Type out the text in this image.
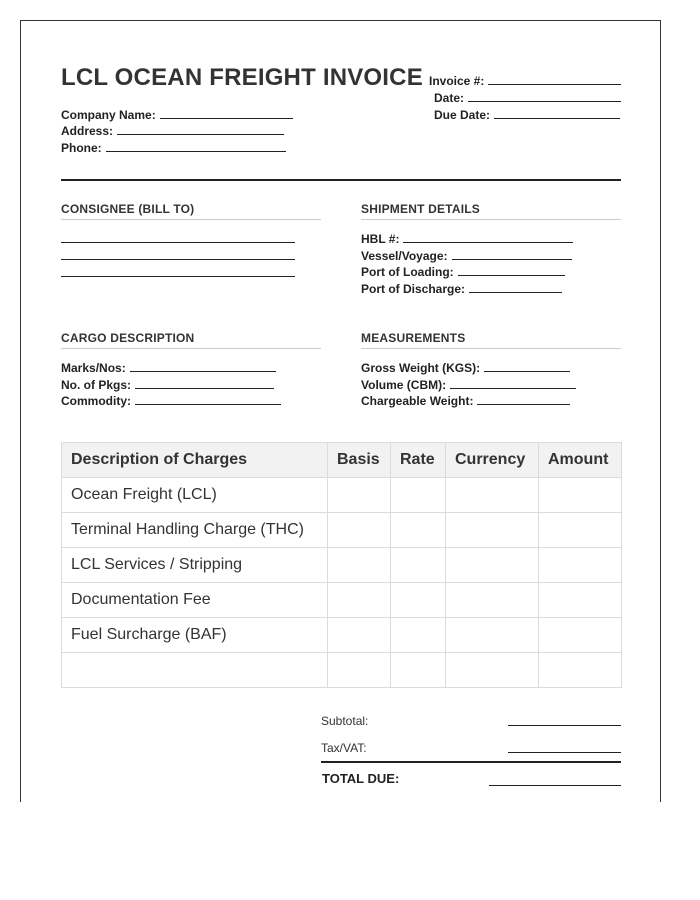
LCL OCEAN FREIGHT INVOICE
Company Name:
Address:
Phone:
Invoice #:
Date:
Due Date:
CONSIGNEE (BILL TO)	SHIPMENT DETAILS
HBL #:
Vessel/Voyage:
Port of Loading:
Port of Discharge:
CARGO DESCRIPTION
Marks/Nos:
No. of Pkgs:
Commodity:
MEASUREMENTS
Gross Weight (KGS):
Volume (CBM):
Chargeable Weight:
Description of Charges	Basis	Rate	Currency	Amount
Ocean Freight (LCL)				
Terminal Handling Charge (THC)				
LCL Services / Stripping				
Documentation Fee				
Fuel Surcharge (BAF)				

Subtotal:
Tax/VAT:
TOTAL DUE:
